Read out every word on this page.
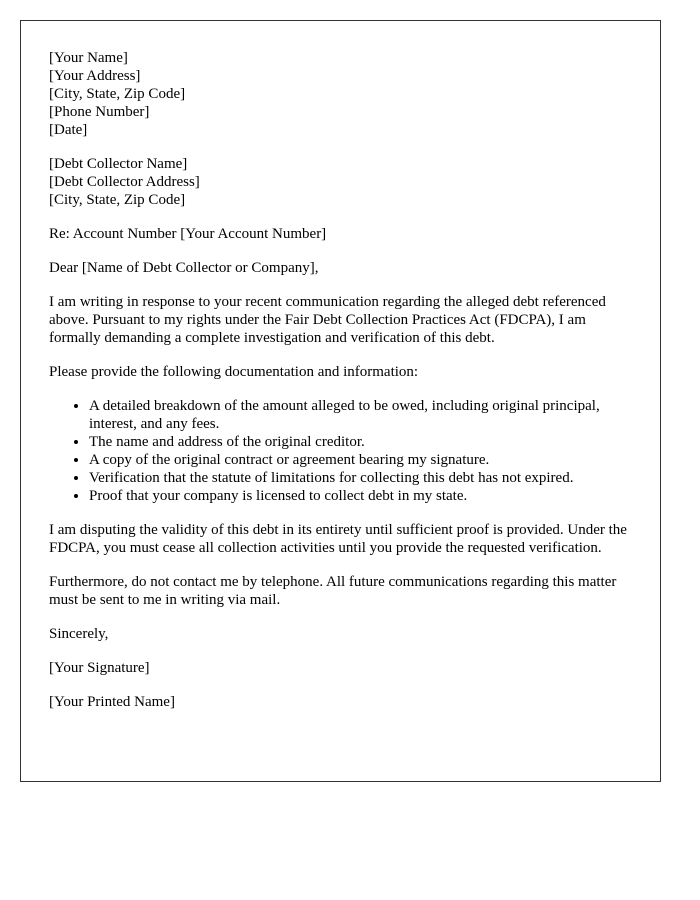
[Your Name]
[Your Address]
[City, State, Zip Code]
[Phone Number]
[Date]
[Debt Collector Name]
[Debt Collector Address]
[City, State, Zip Code]

Re: Account Number [Your Account Number]

Dear [Name of Debt Collector or Company],

I am writing in response to your recent communication regarding the alleged debt referenced above. Pursuant to my rights under the Fair Debt Collection Practices Act (FDCPA), I am formally demanding a complete investigation and verification of this debt.

Please provide the following documentation and information:

• A detailed breakdown of the amount alleged to be owed, including original principal, interest, and any fees.
• The name and address of the original creditor.
• A copy of the original contract or agreement bearing my signature.
• Verification that the statute of limitations for collecting this debt has not expired.
• Proof that your company is licensed to collect debt in my state.

I am disputing the validity of this debt in its entirety until sufficient proof is provided. Under the FDCPA, you must cease all collection activities until you provide the requested verification.

Furthermore, do not contact me by telephone. All future communications regarding this matter must be sent to me in writing via mail.

Sincerely,

[Your Signature]

[Your Printed Name]
